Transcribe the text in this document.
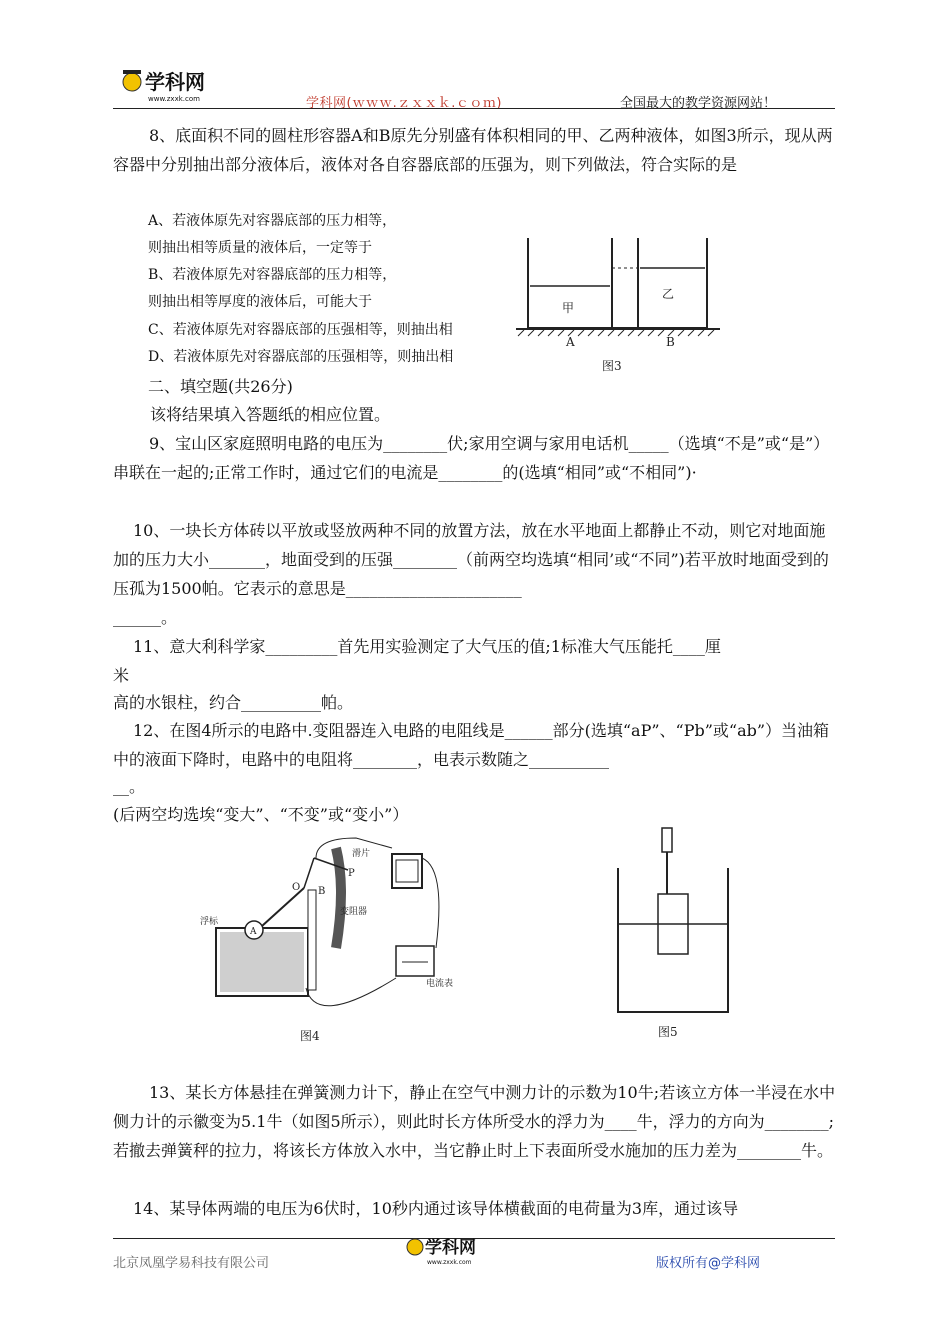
学科网
www.zxxk.com	学科网(ｗｗｗ.ｚｘｘｋ.ｃｏｍ)	全国最大的教学资源网站！
8、底面积不同的圆柱形容器A和B原先分别盛有体积相同的甲、乙两种液体，如图3所示，现从两容器中分别抽出部分液体后，液体对各自容器底部的压强为，则下列做法，符合实际的是
A、若液体原先对容器底部的压力相等，
则抽出相等质量的液体后，一定等于
B、若液体原先对容器底部的压力相等，
则抽出相等厚度的液体后，可能大于
C、若液体原先对容器底部的压强相等，则抽出相
D、若液体原先对容器底部的压强相等，则抽出相
甲
乙
A	B
图3
二、填空题(共26分)
该将结果填入答题纸的相应位置。
9、宝山区家庭照明电路的电压为________伏;家用空调与家用电话机_____（选填“不是”或“是”）串联在一起的;正常工作时，通过它们的电流是________的(选填“相同”或“不相同”)·
10、一块长方体砖以平放或竖放两种不同的放置方法，放在水平地面上都静止不动，则它对地面施加的压力大小_______，地面受到的压强________（前两空均选填“相同’或“不同”)若平放时地面受到的压孤为1500帕。它表示的意思是______________________
______。
11、意大利科学家_________首先用实验测定了大气压的值;1标准大气压能托____厘
米
高的水银柱，约合__________帕。
12、在图4所示的电路中.变阻器连入电路的电阻线是______部分(选填“aP”、“Pb”或“ab”）当油箱中的液面下降时，电路中的电阻将________，电表示数随之__________
__。
(后两空均选埃“变大”、“不变”或“变小”）
A
浮标
O B
P
滑片
变阻器
电流表
图4	图5
13、某长方体悬挂在弹簧测力计下，静止在空气中测力计的示数为10牛;若该立方体一半浸在水中侧力计的示徽变为5.1牛（如图5所示），则此时长方体所受水的浮力为____牛，浮力的方向为________;若撤去弹簧秤的拉力，将该长方体放入水中，当它静止时上下表面所受水施加的压力差为________牛。
14、某导体两端的电压为6伏时，10秒内通过该导体横截面的电荷量为3库，通过该导
北京凤凰学易科技有限公司
学科网
www.zxxk.com	版权所有@学科网
